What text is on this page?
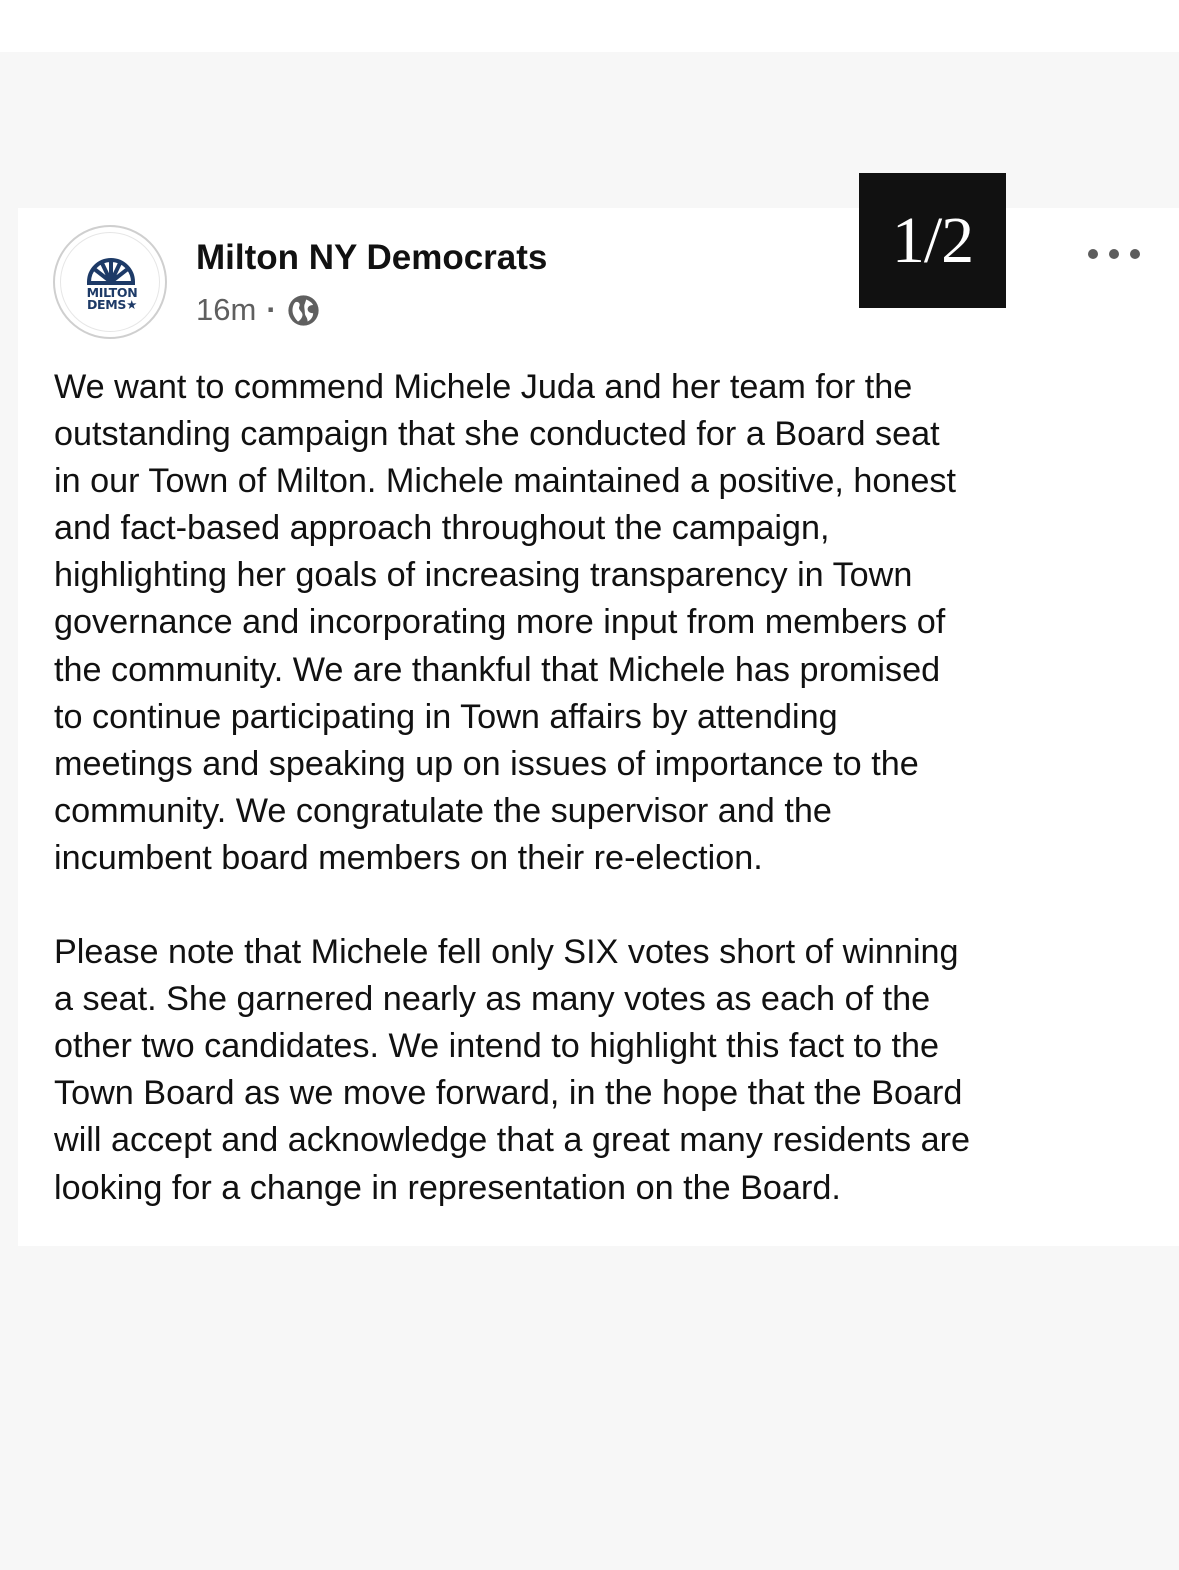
MILTON
DEMS★
Milton NY Democrats
16m ·
1/2
We want to commend Michele Juda and her team for the
outstanding campaign that she conducted for a Board seat
in our Town of Milton. Michele maintained a positive, honest
and fact-based approach throughout the campaign,
highlighting her goals of increasing transparency in Town
governance and incorporating more input from members of
the community. We are thankful that Michele has promised
to continue participating in Town affairs by attending
meetings and speaking up on issues of importance to the
community. We congratulate the supervisor and the
incumbent board members on their re-election.
Please note that Michele fell only SIX votes short of winning
a seat. She garnered nearly as many votes as each of the
other two candidates. We intend to highlight this fact to the
Town Board as we move forward, in the hope that the Board
will accept and acknowledge that a great many residents are
looking for a change in representation on the Board.
